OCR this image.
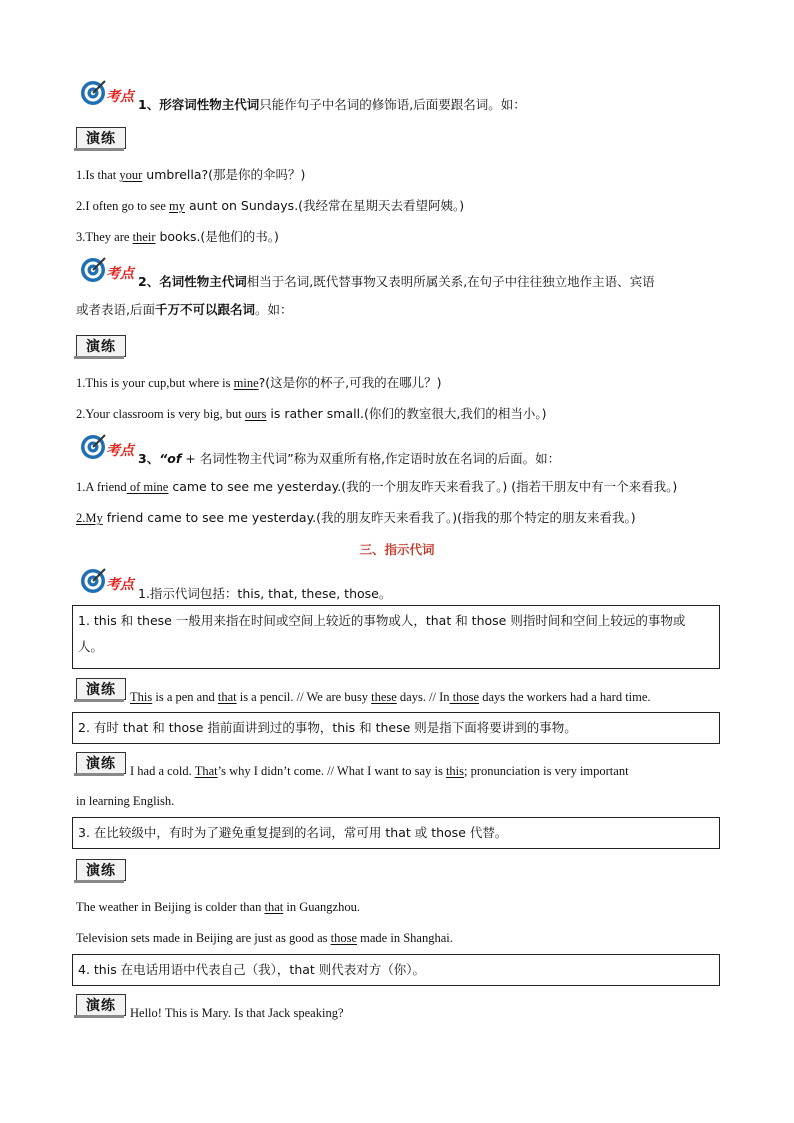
考点 1、形容词性物主代词只能作句子中名词的修饰语,后面要跟名词。如：
演练
1.Is that your umbrella?(那是你的伞吗？)
2.I often go to see my aunt on Sundays.(我经常在星期天去看望阿姨。)
3.They are their books.(是他们的书。)
考点 2、名词性物主代词相当于名词,既代替事物又表明所属关系,在句子中往往独立地作主语、宾语
或者表语,后面千万不可以跟名词。如：
演练
1.This is your cup,but where is mine?(这是你的杯子,可我的在哪儿？)
2.Your classroom is very big, but ours is rather small.(你们的教室很大,我们的相当小。)
考点 3、“of + 名词性物主代词”称为双重所有格,作定语时放在名词的后面。如：
1.A friend of mine came to see me yesterday.(我的一个朋友昨天来看我了。) (指若干朋友中有一个来看我。)
2.My friend came to see me yesterday.(我的朋友昨天来看我了。)(指我的那个特定的朋友来看我。)
三、指示代词
考点
1.指示代词包括：this, that, these, those。
1. this 和 these 一般用来指在时间或空间上较近的事物或人，that 和 those 则指时间和空间上较远的事物或
人。
演练	This is a pen and that is a pencil. // We are busy these days. // In those days the workers had a hard time.
2. 有时 that 和 those 指前面讲到过的事物，this 和 these 则是指下面将要讲到的事物。
演练	I had a cold. That’s why I didn’t come. // What I want to say is this; pronunciation is very important
in learning English.
3. 在比较级中，有时为了避免重复提到的名词，常可用 that 或 those 代替。
演练
The weather in Beijing is colder than that in Guangzhou.
Television sets made in Beijing are just as good as those made in Shanghai.
4. this 在电话用语中代表自己（我），that 则代表对方（你）。
演练	Hello! This is Mary. Is that Jack speaking?
